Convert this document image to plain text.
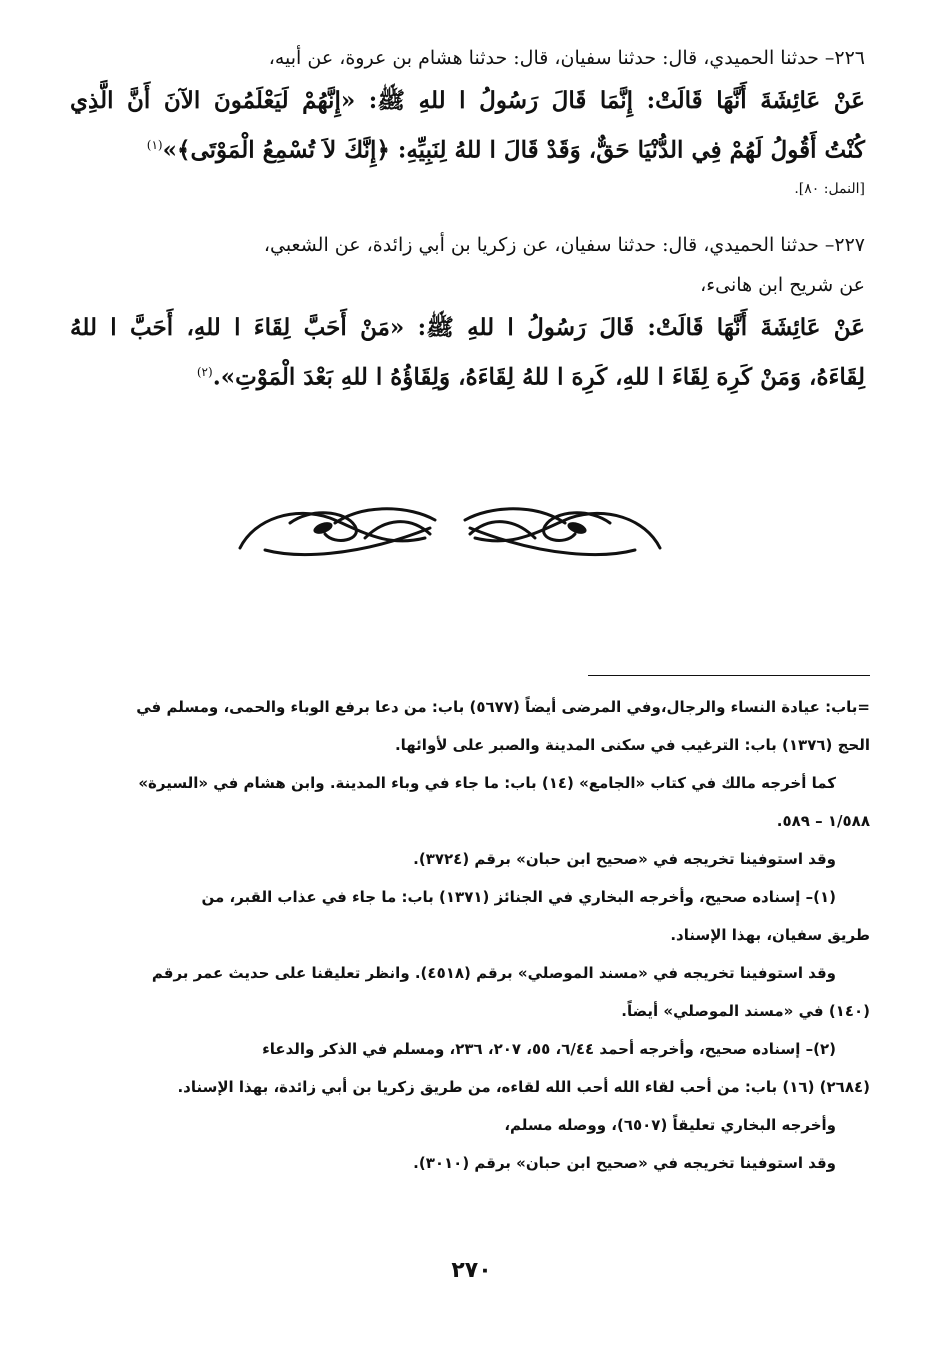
٢٢٦– حدثنا الحميدي، قال: حدثنا سفيان، قال: حدثنا هشام بن عروة، عن أبيه،

عَنْ عَائِشَةَ أَنَّهَا قَالَتْ: إِنَّمَا قَالَ رَسُولُ ا للهِ ﷺ: «إِنَّهُمْ لَيَعْلَمُونَ الآنَ أَنَّ الَّذِي

كُنْتُ أَقُولُ لَهُمْ فِي الدُّنْيَا حَقٌّ، وَقَدْ قَالَ ا للهُ لِنَبِيِّهِ: ﴿إِنَّكَ لاَ تُسْمِعُ الْمَوْتَى﴾»$^{(١)}$

[النمل: ٨٠].

٢٢٧– حدثنا الحميدي، قال: حدثنا سفيان، عن زكريا بن أبي زائدة، عن الشعبي،

عن شريح ابن هانىء،

عَنْ عَائِشَةَ أَنَّهَا قَالَتْ: قَالَ رَسُولُ ا للهِ ﷺ: «مَنْ أَحَبَّ لِقَاءَ ا للهِ، أَحَبَّ ا للهُ

لِقَاءَهُ، وَمَنْ كَرِهَ لِقَاءَ ا للهِ، كَرِهَ ا للهُ لِقَاءَهُ، وَلِقَاؤُهُ ا للهِ بَعْدَ الْمَوْتِ».$^{(٢)}$

=باب: عيادة النساء والرجال،وفي المرضى أيضاً (٥٦٧٧) باب: من دعا برفع الوباء والحمى، ومسلم في

الحج (١٣٧٦) باب: الترغيب في سكنى المدينة والصبر على لأوائها.

كما أخرجه مالك في كتاب «الجامع» (١٤) باب: ما جاء في وباء المدينة. وابن هشام في «السيرة»

١/٥٨٨ – ٥٨٩.

وقد استوفينا تخريجه في «صحيح ابن حبان» برقم (٣٧٢٤).

(١)– إسناده صحيح، وأخرجه البخاري في الجنائز (١٣٧١) باب: ما جاء في عذاب القبر، من

طريق سفيان، بهذا الإسناد.

وقد استوفينا تخريجه في «مسند الموصلي» برقم (٤٥١٨). وانظر تعليقنا على حديث عمر برقم

(١٤٠) في «مسند الموصلي» أيضاً.

(٢)– إسناده صحيح، وأخرجه أحمد ٦/٤٤، ٥٥، ٢٠٧، ٢٣٦، ومسلم في الذكر والدعاء

(٢٦٨٤) (١٦) باب: من أحب لقاء الله أحب الله لقاءه، من طريق زكريا بن أبي زائدة، بهذا الإسناد.

وأخرجه البخاري تعليقاً (٦٥٠٧)، ووصله مسلم،

وقد استوفينا تخريجه في «صحيح ابن حبان» برقم (٣٠١٠).

٢٧٠
